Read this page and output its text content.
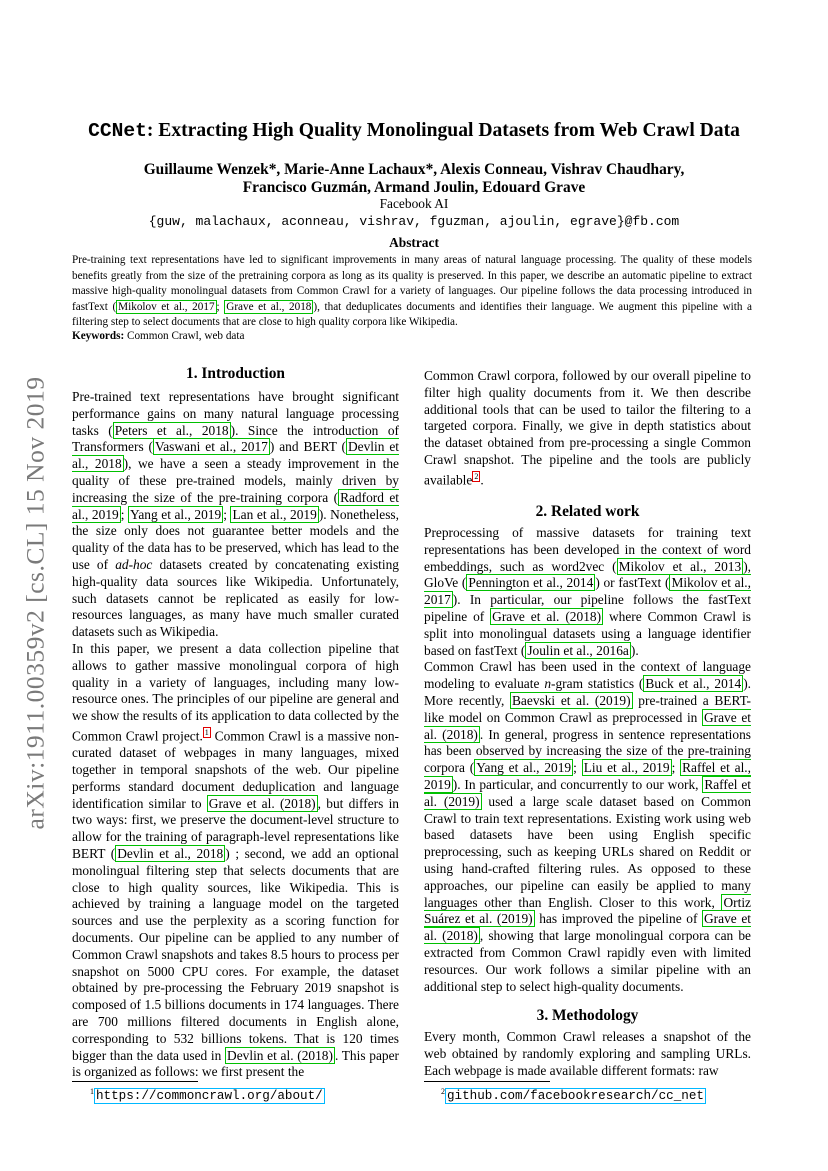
arXiv:1911.00359v2 [cs.CL] 15 Nov 2019
CCNet: Extracting High Quality Monolingual Datasets from Web Crawl Data
Guillaume Wenzek*, Marie-Anne Lachaux*, Alexis Conneau, Vishrav Chaudhary,
Francisco Guzmán, Armand Joulin, Edouard Grave
Facebook AI
{guw, malachaux, aconneau, vishrav, fguzman, ajoulin, egrave}@fb.com
Abstract
Pre-training text representations have led to significant improvements in many areas of natural language processing. The quality of these models benefits greatly from the size of the pretraining corpora as long as its quality is preserved. In this paper, we describe an automatic pipeline to extract massive high-quality monolingual datasets from Common Crawl for a variety of languages. Our pipeline follows the data processing introduced in fastText ( Mikolov et al., 2017 ; Grave et al., 2018 ), that deduplicates documents and identifies their language. We augment this pipeline with a filtering step to select documents that are close to high quality corpora like Wikipedia.
Keywords: Common Crawl, web data
1. Introduction

Pre-trained text representations have brought significant performance gains on many natural language processing tasks ( Peters et al., 2018 ). Since the introduction of Transformers ( Vaswani et al., 2017 ) and BERT ( Devlin et al., 2018 ), we have a seen a steady improvement in the quality of these pre-trained models, mainly driven by increasing the size of the pre-training corpora ( Radford et al., 2019 ; Yang et al., 2019 ; Lan et al., 2019 ). Nonetheless, the size only does not guarantee better models and the quality of the data has to be preserved, which has lead to the use of ad-hoc datasets created by concatenating existing high-quality data sources like Wikipedia. Unfortunately, such datasets cannot be replicated as easily for low-resources languages, as many have much smaller curated datasets such as Wikipedia.

In this paper, we present a data collection pipeline that allows to gather massive monolingual corpora of high quality in a variety of languages, including many low-resource ones. The principles of our pipeline are general and we show the results of its application to data collected by the Common Crawl project. $^1$ Common Crawl is a massive non-curated dataset of webpages in many languages, mixed together in temporal snapshots of the web. Our pipeline performs standard document deduplication and language identification similar to Grave et al. (2018) , but differs in two ways: first, we preserve the document-level structure to allow for the training of paragraph-level representations like BERT ( Devlin et al., 2018 ) ; second, we add an optional monolingual filtering step that selects documents that are close to high quality sources, like Wikipedia. This is achieved by training a language model on the targeted sources and use the perplexity as a scoring function for documents. Our pipeline can be applied to any number of Common Crawl snapshots and takes 8.5 hours to process per snapshot on 5000 CPU cores. For example, the dataset obtained by pre-processing the February 2019 snapshot is composed of 1.5 billions documents in 174 languages. There are 700 millions filtered documents in English alone, corresponding to 532 billions tokens. That is 120 times bigger than the data used in Devlin et al. (2018) . This paper is organized as follows: we first present the

Common Crawl corpora, followed by our overall pipeline to filter high quality documents from it. We then describe additional tools that can be used to tailor the filtering to a targeted corpora. Finally, we give in depth statistics about the dataset obtained from pre-processing a single Common Crawl snapshot. The pipeline and the tools are publicly available $^2$ .

2. Related work

Preprocessing of massive datasets for training text representations has been developed in the context of word embeddings, such as word2vec ( Mikolov et al., 2013 ), GloVe ( Pennington et al., 2014 ) or fastText ( Mikolov et al., 2017 ). In particular, our pipeline follows the fastText pipeline of Grave et al. (2018) where Common Crawl is split into monolingual datasets using a language identifier based on fastText ( Joulin et al., 2016a ).

Common Crawl has been used in the context of language modeling to evaluate n-gram statistics ( Buck et al., 2014 ). More recently, Baevski et al. (2019) pre-trained a BERT-like model on Common Crawl as preprocessed in Grave et al. (2018) . In general, progress in sentence representations has been observed by increasing the size of the pre-training corpora ( Yang et al., 2019 ; Liu et al., 2019 ; Raffel et al., 2019 ). In particular, and concurrently to our work, Raffel et al. (2019) used a large scale dataset based on Common Crawl to train text representations. Existing work using web based datasets have been using English specific preprocessing, such as keeping URLs shared on Reddit or using hand-crafted filtering rules. As opposed to these approaches, our pipeline can easily be applied to many languages other than English. Closer to this work, Ortiz Suárez et al. (2019) has improved the pipeline of Grave et al. (2018) , showing that large monolingual corpora can be extracted from Common Crawl rapidly even with limited resources. Our work follows a similar pipeline with an additional step to select high-quality documents.

3. Methodology

Every month, Common Crawl releases a snapshot of the web obtained by randomly exploring and sampling URLs. Each webpage is made available different formats: raw

$^1$ https://commoncrawl.org/about/	$^2$ github.com/facebookresearch/cc_net
